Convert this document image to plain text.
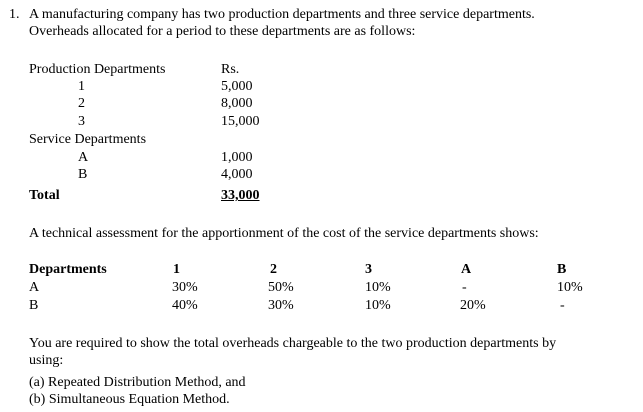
1. A manufacturing company has two production departments and three service departments.
Overheads allocated for a period to these departments are as follows:
Production Departments	Rs.
1	5,000
2	8,000
3	15,000
Service Departments
A	1,000
B	4,000
Total	33,000
A technical assessment for the apportionment of the cost of the service departments shows:
Departments	1	2	3	A	B
A	30%	50%	10%	-	10%
B	40%	30%	10%	20%	-
You are required to show the total overheads chargeable to the two production departments by
using:
(a) Repeated Distribution Method, and
(b) Simultaneous Equation Method.
